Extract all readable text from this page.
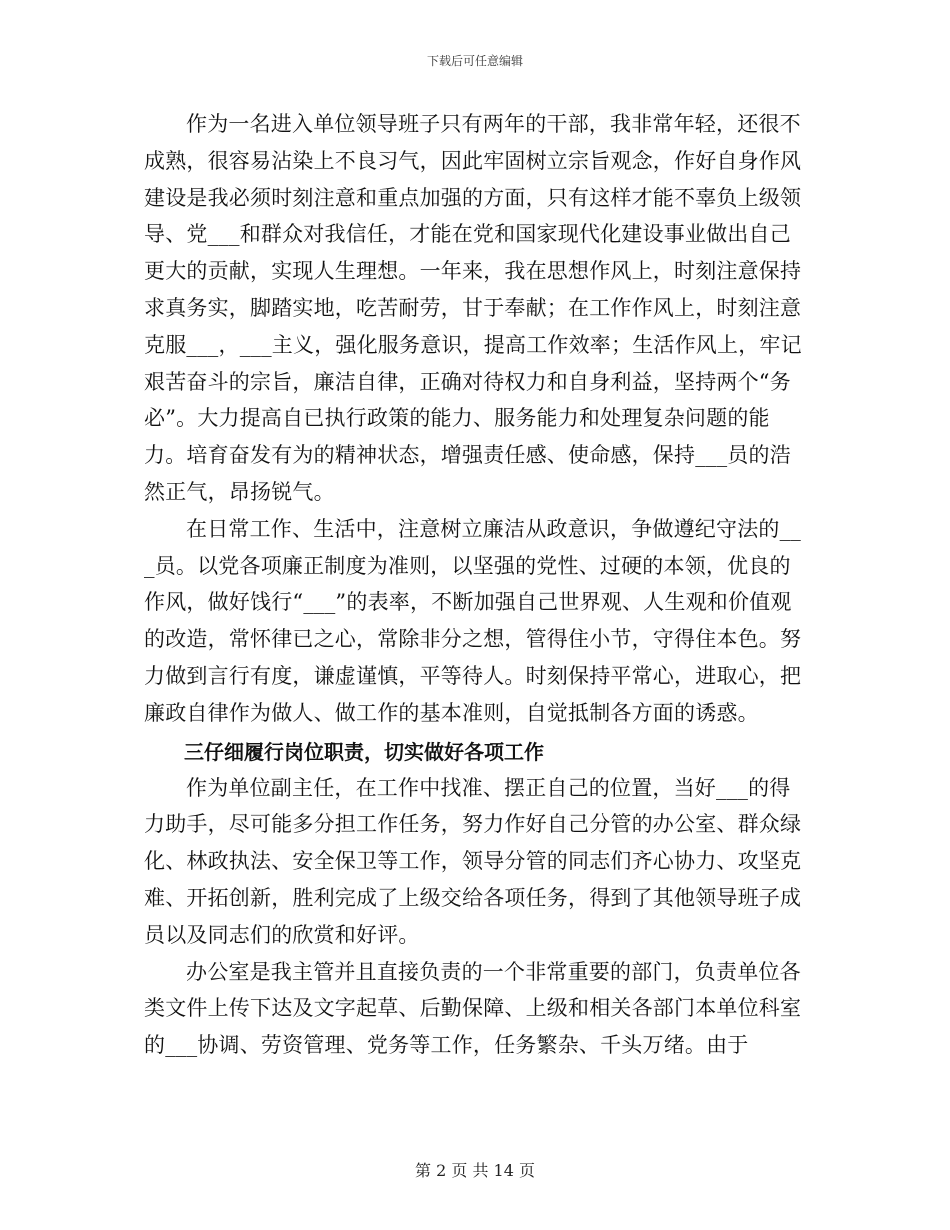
下载后可任意编辑

作为一名进入单位领导班子只有两年的干部，我非常年轻，还很不成熟，很容易沾染上不良习气，因此牢固树立宗旨观念，作好自身作风建设是我必须时刻注意和重点加强的方面，只有这样才能不辜负上级领导、党___和群众对我信任，才能在党和国家现代化建设事业做出自己更大的贡献，实现人生理想。一年来，我在思想作风上，时刻注意保持求真务实，脚踏实地，吃苦耐劳，甘于奉献；在工作作风上，时刻注意克服___，___主义，强化服务意识，提高工作效率；生活作风上，牢记艰苦奋斗的宗旨，廉洁自律，正确对待权力和自身利益，坚持两个“务必”。大力提高自已执行政策的能力、服务能力和处理复杂问题的能力。培育奋发有为的精神状态，增强责任感、使命感，保持___员的浩然正气，昂扬锐气。

在日常工作、生活中，注意树立廉洁从政意识，争做遵纪守法的___员。以党各项廉正制度为准则，以坚强的党性、过硬的本领，优良的作风，做好饯行“___”的表率，不断加强自己世界观、人生观和价值观的改造，常怀律已之心，常除非分之想，管得住小节，守得住本色。努力做到言行有度，谦虚谨慎，平等待人。时刻保持平常心，进取心，把廉政自律作为做人、做工作的基本准则，自觉抵制各方面的诱惑。

三仔细履行岗位职责，切实做好各项工作

作为单位副主任，在工作中找准、摆正自己的位置，当好___的得力助手，尽可能多分担工作任务，努力作好自己分管的办公室、群众绿化、林政执法、安全保卫等工作，领导分管的同志们齐心协力、攻坚克难、开拓创新，胜利完成了上级交给各项任务，得到了其他领导班子成员以及同志们的欣赏和好评。

办公室是我主管并且直接负责的一个非常重要的部门，负责单位各类文件上传下达及文字起草、后勤保障、上级和相关各部门本单位科室的___协调、劳资管理、党务等工作，任务繁杂、千头万绪。由于

第 2 页 共 14 页
